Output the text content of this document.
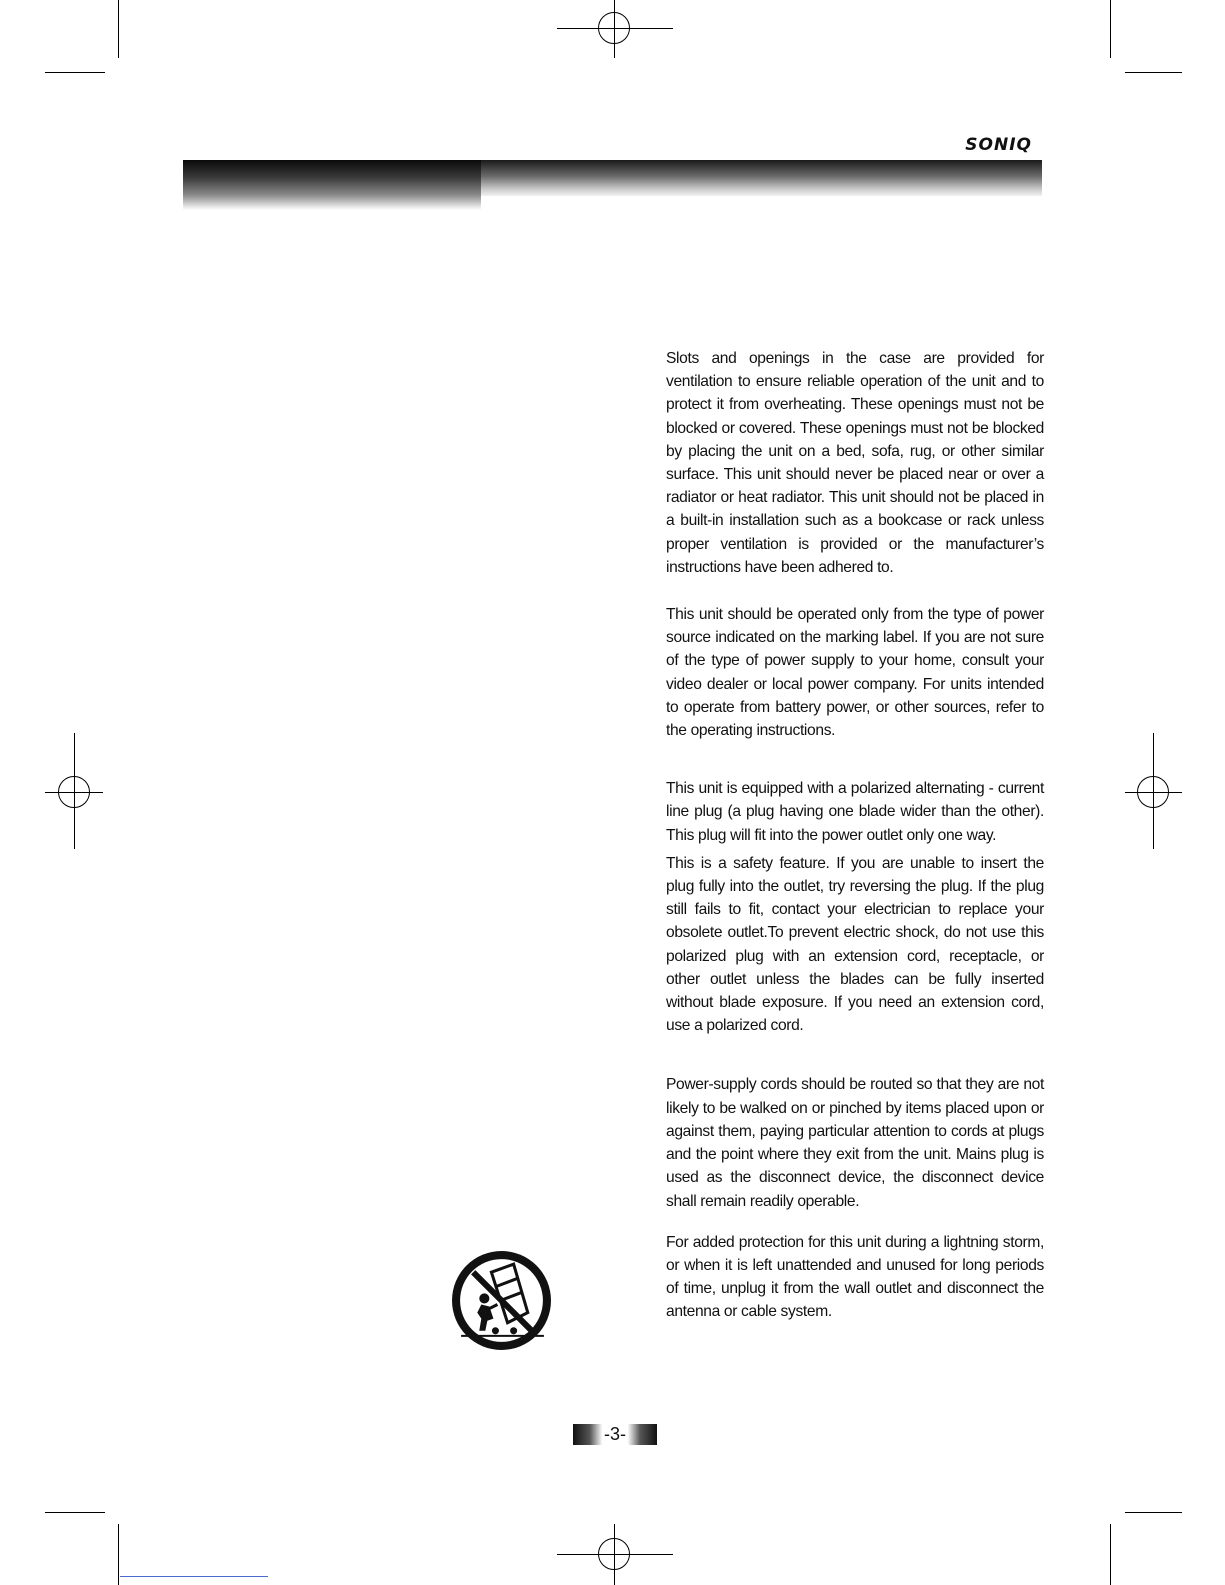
SONIQ

Slots and openings in the case are provided for ventilation to ensure reliable operation of the unit and to protect it from overheating. These openings must not be blocked or covered. These openings must not be blocked by placing the unit on a bed, sofa, rug, or other similar surface. This unit should never be placed near or over a radiator or heat radiator. This unit should not be placed in a built-in installation such as a bookcase or rack unless proper ventilation is provided or the manufacturer’s instructions have been adhered to.

This unit should be operated only from the type of power source indicated on the marking label. If you are not sure of the type of power supply to your home, consult your video dealer or local power company. For units intended to operate from battery power, or other sources, refer to the operating instructions.

This unit is equipped with a polarized alternating - current line plug (a plug having one blade wider than the other). This plug will fit into the power outlet only one way.

This is a safety feature. If you are unable to insert the plug fully into the outlet, try reversing the plug. If the plug still fails to fit, contact your electrician to replace your obsolete outlet.To prevent electric shock, do not use this polarized plug with an extension cord, receptacle, or other outlet unless the blades can be fully inserted without blade exposure. If you need an extension cord, use a polarized cord.

Power-supply cords should be routed so that they are not likely to be walked on or pinched by items placed upon or against them, paying particular attention to cords at plugs and the point where they exit from the unit. Mains plug is used as the disconnect device, the disconnect device shall remain readily operable.

For added protection for this unit during a lightning storm, or when it is left unattended and unused for long periods of time, unplug it from the wall outlet and disconnect the antenna or cable system.

-3-
